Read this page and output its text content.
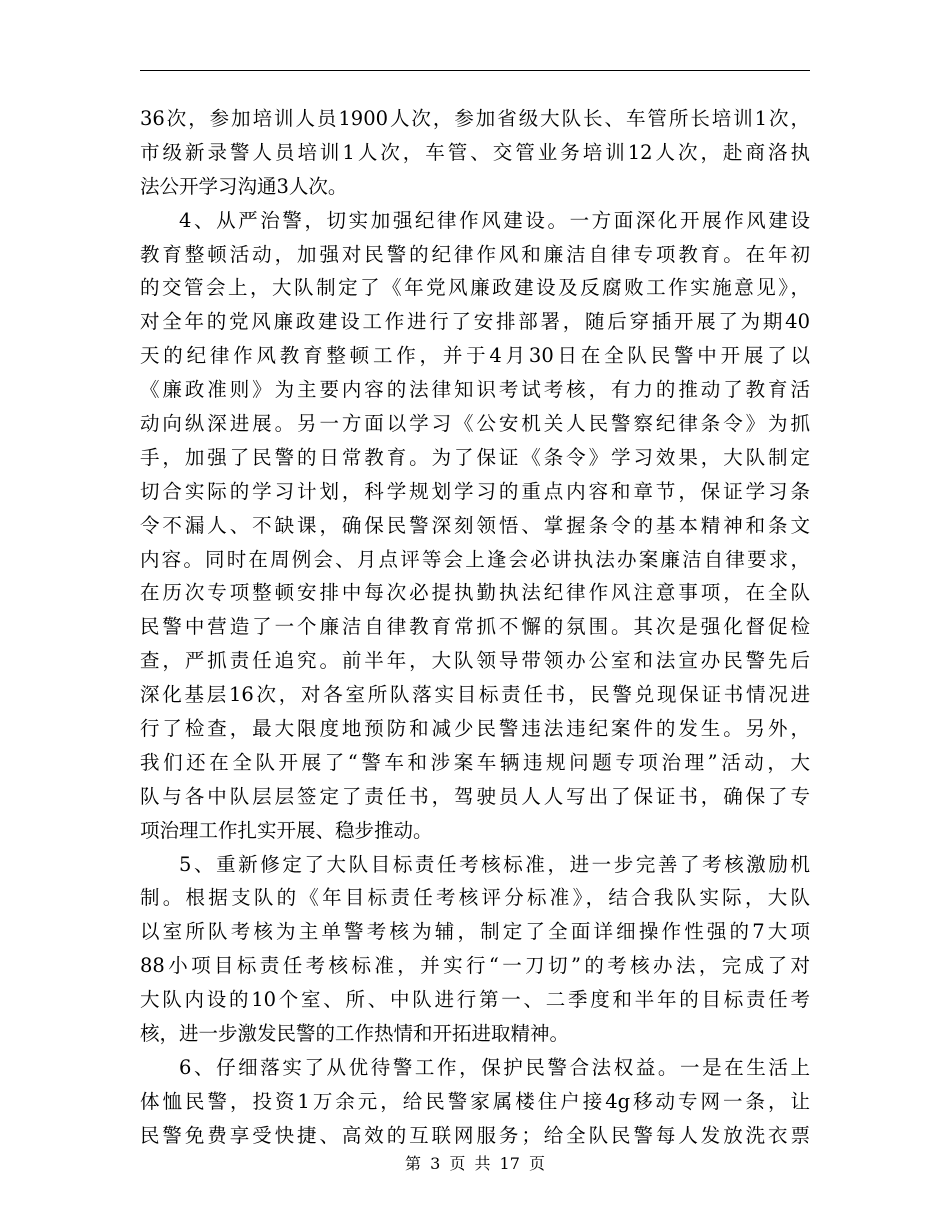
36次，参加培训人员1900人次，参加省级大队长、车管所长培训1次，
市级新录警人员培训1人次，车管、交管业务培训12人次，赴商洛执
法公开学习沟通3人次。
4、从严治警，切实加强纪律作风建设。一方面深化开展作风建设
教育整顿活动，加强对民警的纪律作风和廉洁自律专项教育。在年初
的交管会上，大队制定了《年党风廉政建设及反腐败工作实施意见》，
对全年的党风廉政建设工作进行了安排部署，随后穿插开展了为期40
天的纪律作风教育整顿工作，并于4月30日在全队民警中开展了以
《廉政准则》为主要内容的法律知识考试考核，有力的推动了教育活
动向纵深进展。另一方面以学习《公安机关人民警察纪律条令》为抓
手，加强了民警的日常教育。为了保证《条令》学习效果，大队制定
切合实际的学习计划，科学规划学习的重点内容和章节，保证学习条
令不漏人、不缺课，确保民警深刻领悟、掌握条令的基本精神和条文
内容。同时在周例会、月点评等会上逢会必讲执法办案廉洁自律要求，
在历次专项整顿安排中每次必提执勤执法纪律作风注意事项，在全队
民警中营造了一个廉洁自律教育常抓不懈的氛围。其次是强化督促检
查，严抓责任追究。前半年，大队领导带领办公室和法宣办民警先后
深化基层16次，对各室所队落实目标责任书，民警兑现保证书情况进
行了检查，最大限度地预防和减少民警违法违纪案件的发生。另外，
我们还在全队开展了“警车和涉案车辆违规问题专项治理”活动，大
队与各中队层层签定了责任书，驾驶员人人写出了保证书，确保了专
项治理工作扎实开展、稳步推动。
5、重新修定了大队目标责任考核标准，进一步完善了考核激励机
制。根据支队的《年目标责任考核评分标准》，结合我队实际，大队
以室所队考核为主单警考核为辅，制定了全面详细操作性强的7大项
88小项目标责任考核标准，并实行“一刀切”的考核办法，完成了对
大队内设的10个室、所、中队进行第一、二季度和半年的目标责任考
核，进一步激发民警的工作热情和开拓进取精神。
6、仔细落实了从优待警工作，保护民警合法权益。一是在生活上
体恤民警，投资1万余元，给民警家属楼住户接4g移动专网一条，让
民警免费享受快捷、高效的互联网服务；给全队民警每人发放洗衣票
第 3 页 共 17 页
